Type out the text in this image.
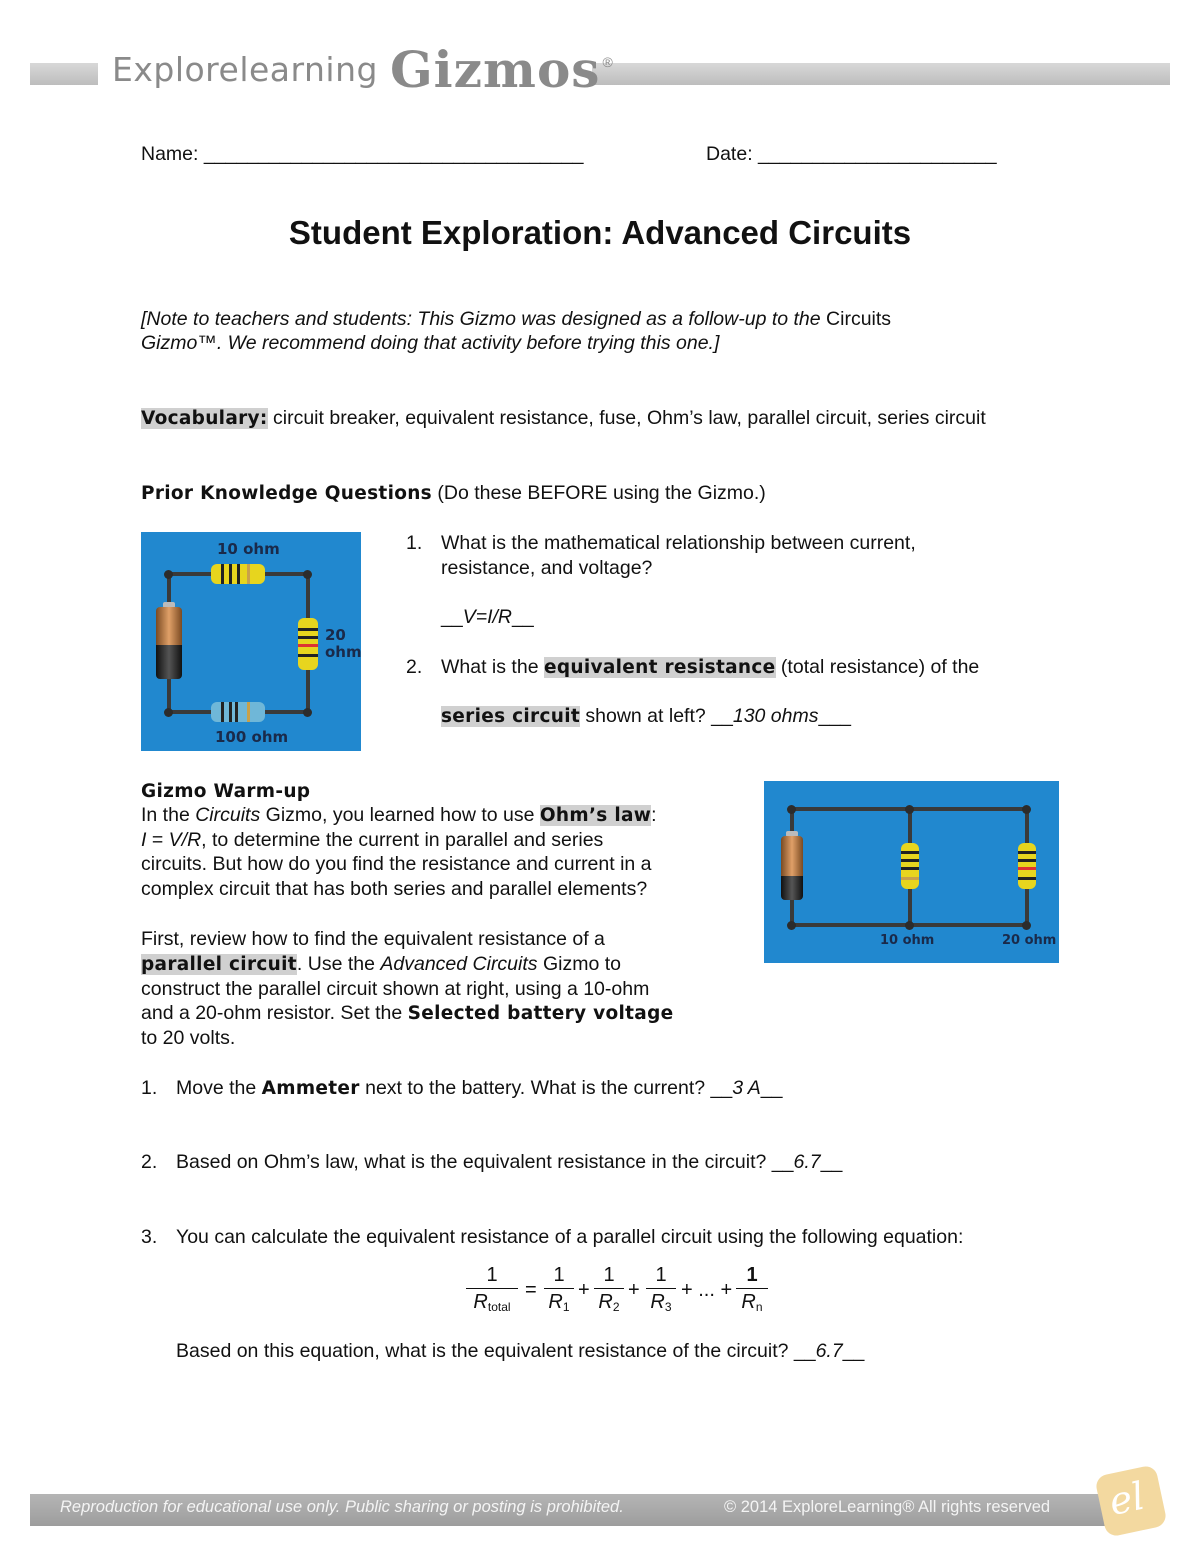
Explorelearning Gizmos ®
Name: ___________________________________	Date: ______________________
Student Exploration: Advanced Circuits
[Note to teachers and students: This Gizmo was designed as a follow-up to the Circuits
Gizmo™. We recommend doing that activity before trying this one.]
Vocabulary: circuit breaker, equivalent resistance, fuse, Ohm’s law, parallel circuit, series circuit
Prior Knowledge Questions (Do these BEFORE using the Gizmo.)
10 ohm
20
ohm
100 ohm
1. What is the mathematical relationship between current,
resistance, and voltage?
__V=I/R__
2. What is the equivalent resistance (total resistance) of the
series circuit shown at left? __130 ohms___
Gizmo Warm-up
In the Circuits Gizmo, you learned how to use Ohm’s law:
I = V/R, to determine the current in parallel and series
circuits. But how do you find the resistance and current in a
complex circuit that has both series and parallel elements?
First, review how to find the equivalent resistance of a
parallel circuit. Use the Advanced Circuits Gizmo to
construct the parallel circuit shown at right, using a 10-ohm
and a 20-ohm resistor. Set the Selected battery voltage
to 20 volts.
10 ohm	20 ohm
1. Move the Ammeter next to the battery. What is the current? __3 A__
2. Based on Ohm’s law, what is the equivalent resistance in the circuit? __6.7__
3. You can calculate the equivalent resistance of a parallel circuit using the following equation:
1
$R_{total}$
= $\frac{1}{R_1} + \frac{1}{R_2} + \frac{1}{R_3}$ + ... + $\frac{1}{R_n}$
Based on this equation, what is the equivalent resistance of the circuit? __6.7__
Reproduction for educational use only. Public sharing or posting is prohibited.	© 2014 ExploreLearning® All rights reserved el
